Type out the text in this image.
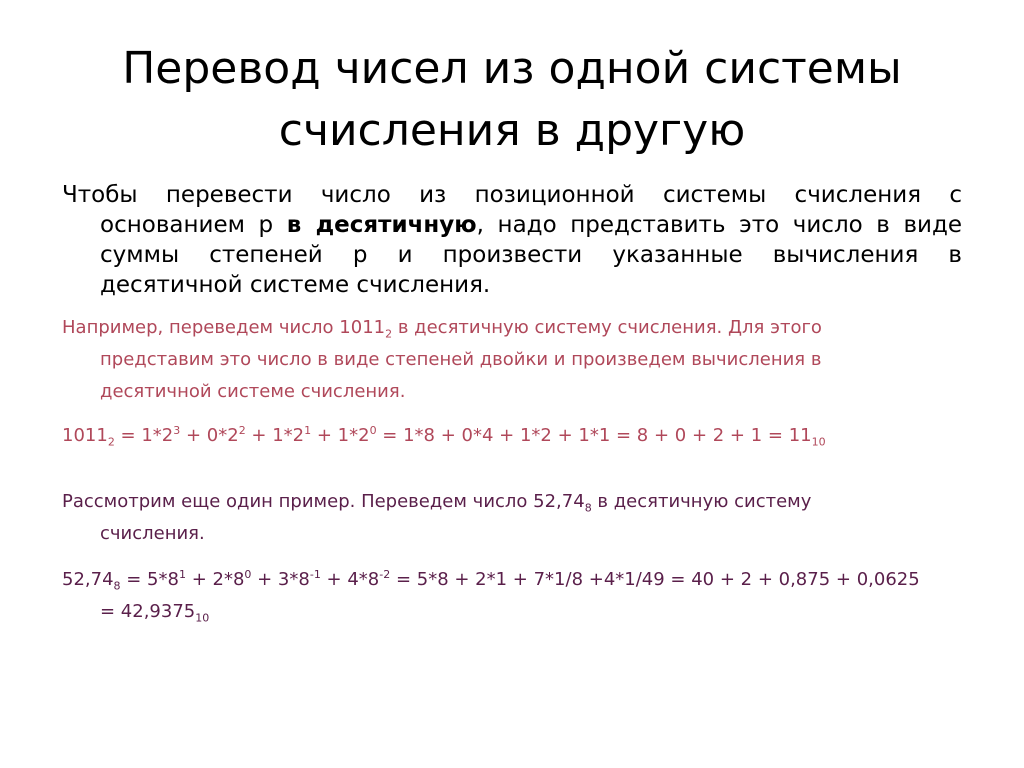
Перевод чисел из одной системы
счисления в другую
Чтобы перевести число из позиционной системы счисления с
основанием р в десятичную, надо представить это число в виде
суммы степеней р и произвести указанные вычисления в
десятичной системе счисления.
Например, переведем число $1011_2$ в десятичную систему счисления. Для этого
представим это число в виде степеней двойки и произведем вычисления в
десятичной системе счисления.
$1011_2 = 1*2^3 + 0*2^2 + 1*2^1 + 1*2^0 = 1*8 + 0*4 + 1*2 + 1*1 = 8 + 0 + 2 + 1 = 11_{10}$
Рассмотрим еще один пример. Переведем число $52,74_8$ в десятичную систему
счисления.
$52,74_8 = 5*8^1 + 2*8^0 + 3*8^{-1} + 4*8^{-2} = 5*8 + 2*1 + 7*1/8 +4*1/49 = 40 + 2 + 0,875 + 0,0625$
= $42,9375_{10}$
